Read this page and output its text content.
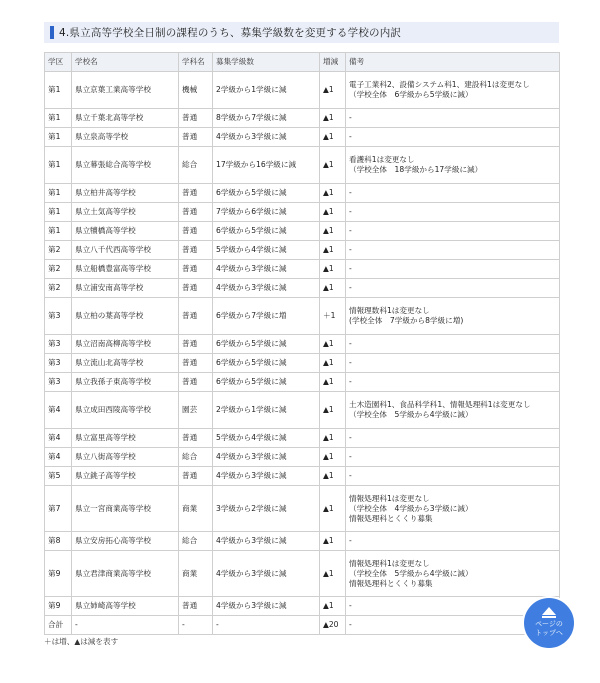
4.県立高等学校全日制の課程のうち、募集学級数を変更する学校の内訳
学区	学校名	学科名	募集学級数	増減	備考
第1	県立京葉工業高等学校	機械	2学級から1学級に減	▲1	電子工業科2、設備システム科1、建設科1は変更なし
（学校全体　6学級から5学級に減）

第1	県立千葉北高等学校	普通	8学級から7学級に減	▲1	-

第1	県立泉高等学校	普通	4学級から3学級に減	▲1	-

第1	県立幕張総合高等学校	総合	17学級から16学級に減	▲1	看護科1は変更なし
（学校全体　18学級から17学級に減）

第1	県立柏井高等学校	普通	6学級から5学級に減	▲1	-

第1	県立土気高等学校	普通	7学級から6学級に減	▲1	-

第1	県立犢橋高等学校	普通	6学級から5学級に減	▲1	-

第2	県立八千代西高等学校	普通	5学級から4学級に減	▲1	-

第2	県立船橋豊富高等学校	普通	4学級から3学級に減	▲1	-

第2	県立浦安南高等学校	普通	4学級から3学級に減	▲1	-

第3	県立柏の葉高等学校	普通	6学級から7学級に増	＋1	情報理数科1は変更なし
(学校全体　7学級から8学級に増)

第3	県立沼南高柳高等学校	普通	6学級から5学級に減	▲1	-

第3	県立流山北高等学校	普通	6学級から5学級に減	▲1	-

第3	県立我孫子東高等学校	普通	6学級から5学級に減	▲1	-

第4	県立成田西陵高等学校	園芸	2学級から1学級に減	▲1	土木造園科1、食品科学科1、情報処理科1は変更なし
（学校全体　5学級から4学級に減）

第4	県立富里高等学校	普通	5学級から4学級に減	▲1	-

第4	県立八街高等学校	総合	4学級から3学級に減	▲1	-

第5	県立銚子高等学校	普通	4学級から3学級に減	▲1	-

第7	県立一宮商業高等学校	商業	3学級から2学級に減	▲1	情報処理科1は変更なし
（学校全体　4学級から3学級に減）
情報処理科とくくり募集

第8	県立安房拓心高等学校	総合	4学級から3学級に減	▲1	-

第9	県立君津商業高等学校	商業	4学級から3学級に減	▲1	情報処理科1は変更なし
（学校全体　5学級から4学級に減）
情報処理科とくくり募集

第9	県立姉崎高等学校	普通	4学級から3学級に減	▲1	-

合計	-	-	-	▲20	-
＋は増、▲は減を表す
ページの
トップへ
